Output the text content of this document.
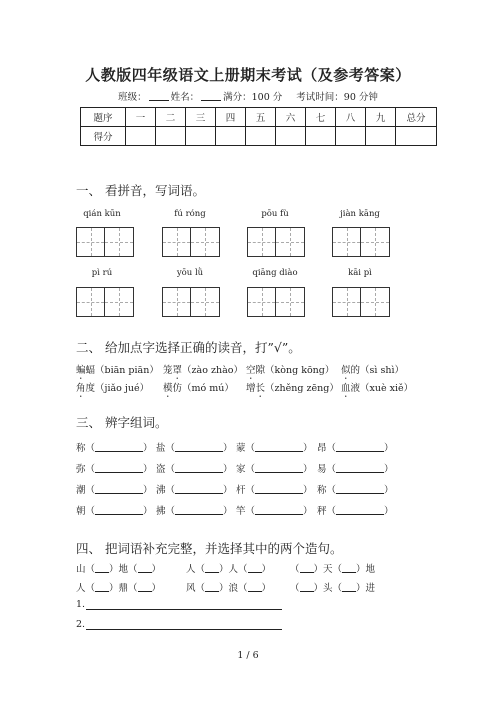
人教版四年级语文上册期末考试（及参考答案）
班级：	姓名：	满分：100 分 考试时间：90 分钟
题序	一	二	三	四	五	六	七	八	九	总分
得分										
一、 看拼音，写词语。
qián kūn	fú róng	pōu fù	jiàn kāng
pì rú	yōu lǜ	qiāng diào	kāi pì
二、 给加点字选择正确的读音，打”√”。
蝙蝠（biān piān） 笼罩（zào zhào） 空隙（kòng kōng） 似的（sì shì）
角度（jiǎo jué） 模仿（mó mú） 增长（zhěng zēng） 血液（xuè xiě）
三、 辨字组词。
称（	） 盐（	） 蒙（	） 昂（	）
弥（	） 盗（	） 家（	） 易（	）
潮（	） 沸（	） 杆（	） 称（	）
朝（	） 拂（	） 竿（	） 秤（	）
四、 把词语补充完整，并选择其中的两个造句。
山（ ）地（ ）	人（ ）人（ ） （ ）天（ ）地
人（ ）鼎（ ）	风（ ）浪（ ） （ ）头（ ）进
1.
2.
1 / 6
